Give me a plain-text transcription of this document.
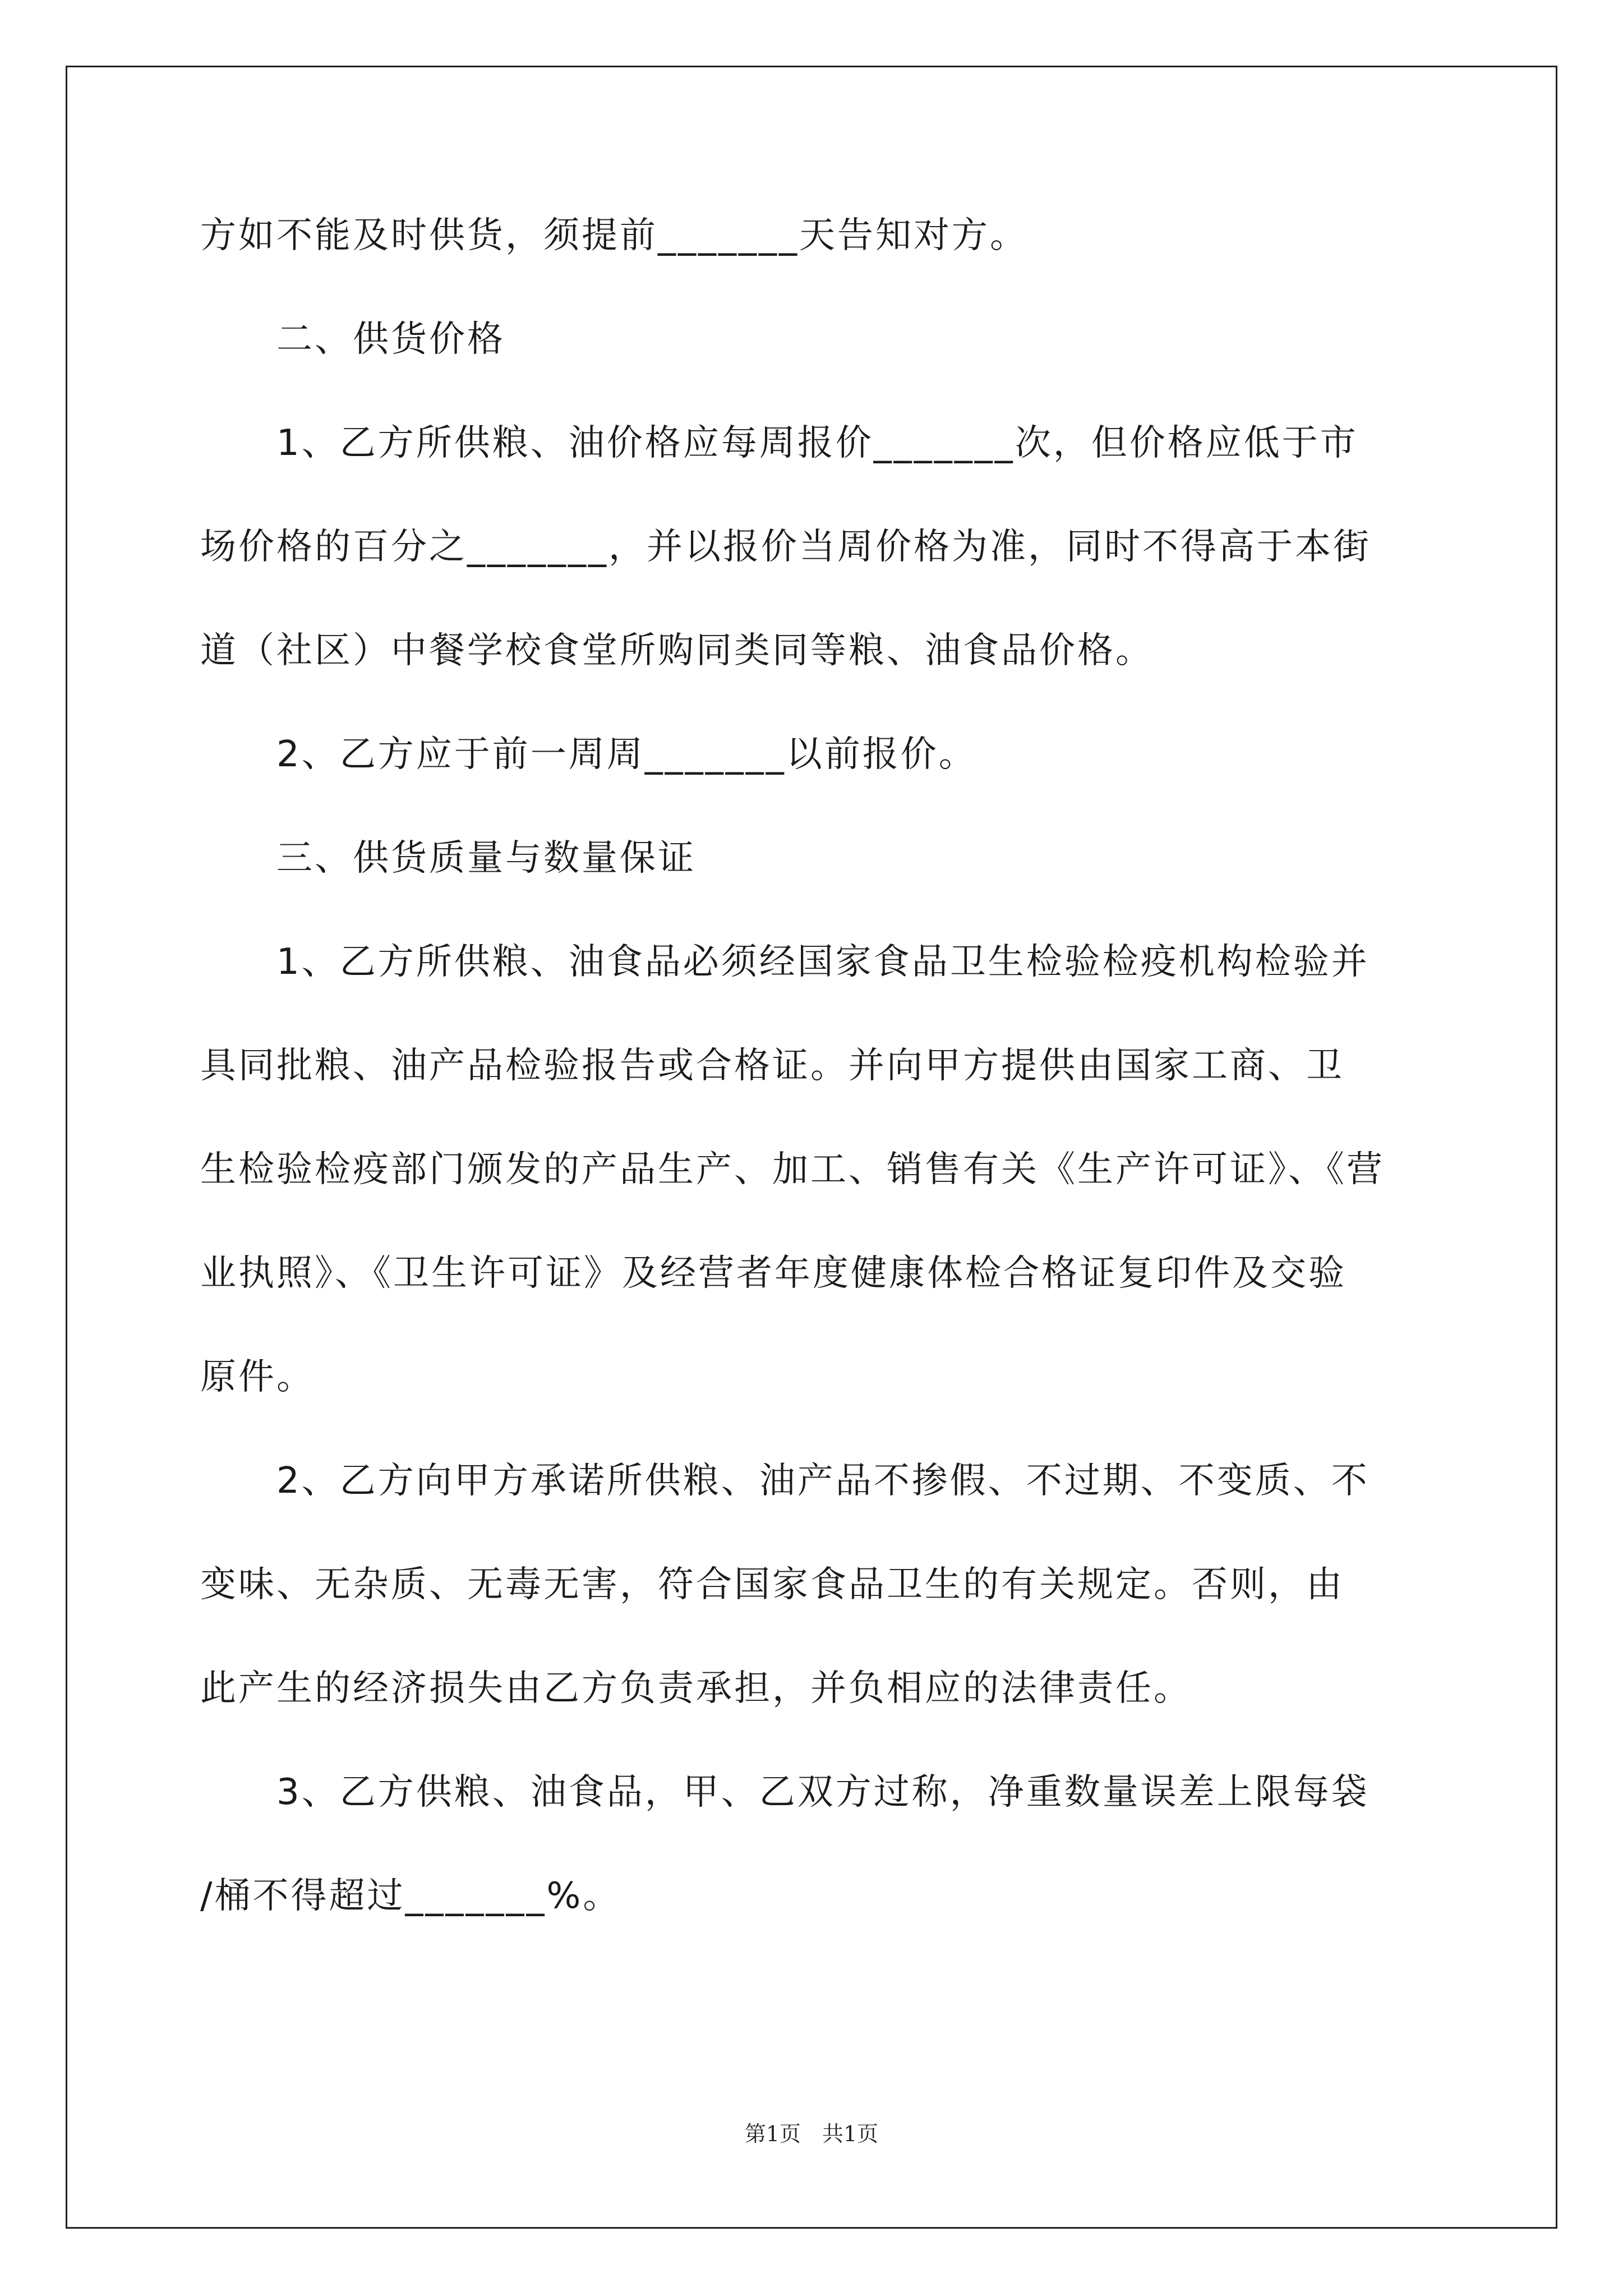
方如不能及时供货，须提前_______天告知对方。
　　二、供货价格
　　1、乙方所供粮、油价格应每周报价_______次，但价格应低于市
场价格的百分之_______，并以报价当周价格为准，同时不得高于本街
道（社区）中餐学校食堂所购同类同等粮、油食品价格。
　　2、乙方应于前一周周_______以前报价。
　　三、供货质量与数量保证
　　1、乙方所供粮、油食品必须经国家食品卫生检验检疫机构检验并
具同批粮、油产品检验报告或合格证。并向甲方提供由国家工商、卫
生检验检疫部门颁发的产品生产、加工、销售有关《生产许可证》、《营
业执照》、《卫生许可证》及经营者年度健康体检合格证复印件及交验
原件。
　　2、乙方向甲方承诺所供粮、油产品不掺假、不过期、不变质、不
变味、无杂质、无毒无害，符合国家食品卫生的有关规定。否则，由
此产生的经济损失由乙方负责承担，并负相应的法律责任。
　　3、乙方供粮、油食品，甲、乙双方过称，净重数量误差上限每袋
/桶不得超过_______%。
第1页　共1页
